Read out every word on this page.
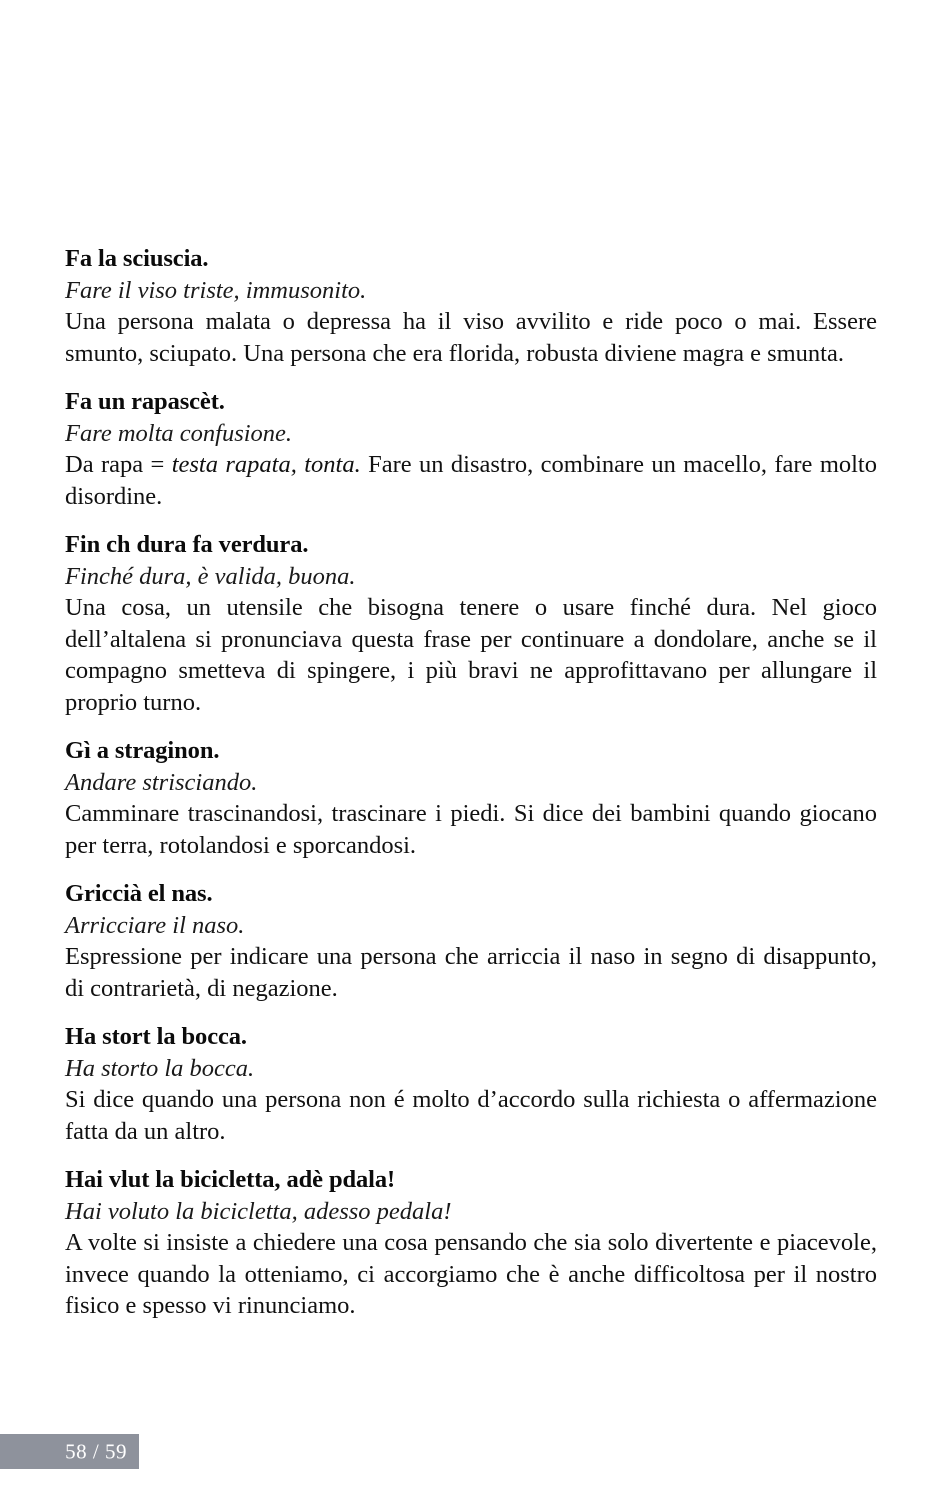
Fa la sciuscia.
Fare il viso triste, immusonito.
Una persona malata o depressa ha il viso avvilito e ride poco o mai. Essere smunto, sciupato. Una persona che era florida, robusta diviene magra e smunta.
Fa un rapascèt.
Fare molta confusione.
Da rapa = testa rapata, tonta. Fare un disastro, combinare un macello, fare molto disordine.
Fin ch dura fa verdura.
Finché dura, è valida, buona.
Una cosa, un utensile che bisogna tenere o usare finché dura. Nel gioco dell’altalena si pronunciava questa frase per continuare a dondolare, anche se il compagno smetteva di spingere, i più bravi ne approfittavano per allungare il proprio turno.
Gì a straginon.
Andare strisciando.
Camminare trascinandosi, trascinare i piedi. Si dice dei bambini quando giocano per terra, rotolandosi e sporcandosi.
Griccià el nas.
Arricciare il naso.
Espressione per indicare una persona che arriccia il naso in segno di disappunto, di contrarietà, di negazione.
Ha stort la bocca.
Ha storto la bocca.
Si dice quando una persona non é molto d’accordo sulla richiesta o affermazione fatta da un altro.
Hai vlut la bicicletta, adè pdala!
Hai voluto la bicicletta, adesso pedala!
A volte si insiste a chiedere una cosa pensando che sia solo divertente e piacevole, invece quando la otteniamo, ci accorgiamo che è anche difficoltosa per il nostro fisico e spesso vi rinunciamo.
58 / 59
